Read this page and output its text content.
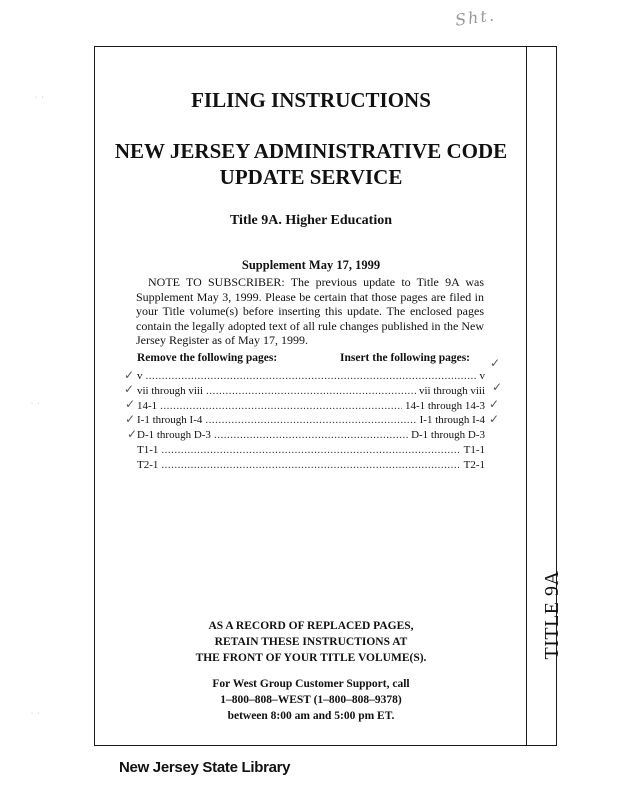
Sht.
˙ ˙
˙ ˙
˙ ˙
TITLE 9A
FILING INSTRUCTIONS
NEW JERSEY ADMINISTRATIVE CODE
UPDATE SERVICE
Title 9A. Higher Education
Supplement May 17, 1999
NOTE TO SUBSCRIBER: The previous update to Title 9A was Supplement May 3, 1999. Please be certain that those pages are filed in your Title volume(s) before inserting this update. The enclosed pages contain the legally adopted text of all rule changes published in the New Jersey Register as of May 17, 1999.
Remove the following pages:	Insert the following pages:
v .....	v
vii through viii .....	vii through viii
14-1 .....	14-1 through 14-3
I-1 through I-4 .....	I-1 through I-4
D-1 through D-3 .....	D-1 through D-3
T1-1 .....	T1-1
T2-1 .....	T2-1
✓
✓
✓
✓
✓
✓
✓
✓
✓
AS A RECORD OF REPLACED PAGES,
RETAIN THESE INSTRUCTIONS AT
THE FRONT OF YOUR TITLE VOLUME(S).
For West Group Customer Support, call
1–800–808–WEST (1–800–808–9378)
between 8:00 am and 5:00 pm ET.
New Jersey State Library
